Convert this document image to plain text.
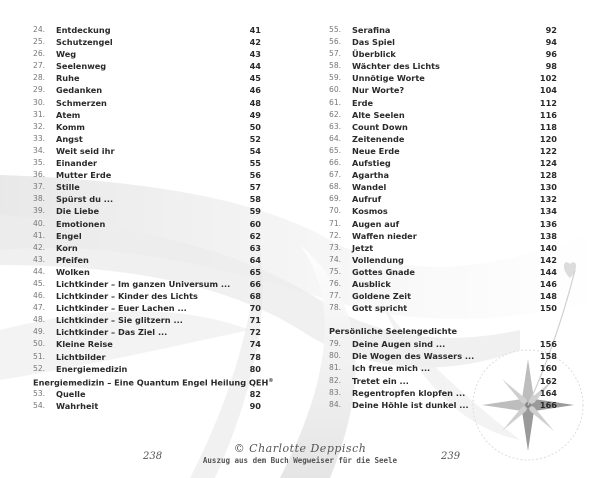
24. Entdeckung	41
25. Schutzengel	42
26. Weg	43
27. Seelenweg	44
28. Ruhe	45
29. Gedanken	46
30. Schmerzen	48
31. Atem	49
32. Komm	50
33. Angst	52
34. Weit seid ihr	54
35. Einander	55
36. Mutter Erde	56
37. Stille	57
38. Spürst du ...	58
39. Die Liebe	59
40. Emotionen	60
41. Engel	62
42. Korn	63
43. Pfeifen	64
44. Wolken	65
45. Lichtkinder – Im ganzen Universum ... 66
46. Lichtkinder – Kinder des Lichts	68
47. Lichtkinder – Euer Lachen ...	70
48. Lichtkinder – Sie glitzern ...	71
49. Lichtkinder – Das Ziel ...	72
50. Kleine Reise	74
51. Lichtbilder	78
52. Energiemedizin	80
Energiemedizin – Eine Quantum Engel Heilung QEH®
53. Quelle	82
54. Wahrheit	90
55. Serafina	92
56. Das Spiel	94
57. Überblick	96
58. Wächter des Lichts	98
59. Unnötige Worte	102
60. Nur Worte?	104
61. Erde	112
62. Alte Seelen	116
63. Count Down	118
64. Zeitenende	120
65. Neue Erde	122
66. Aufstieg	124
67. Agartha	128
68. Wandel	130
69. Aufruf	132
70. Kosmos	134
71. Augen auf	136
72. Waffen nieder	138
73. Jetzt	140
74. Vollendung	142
75. Gottes Gnade	144
76. Ausblick	146
77. Goldene Zeit	148
78. Gott spricht	150
Persönliche Seelengedichte
79. Deine Augen sind ...	156
80. Die Wogen des Wassers ...	158
81. Ich freue mich ...	160
82. Tretet ein ...	162
83. Regentropfen klopfen ...	164
84. Deine Höhle ist dunkel ...	166
© Charlotte Deppisch
Auszug aus dem Buch Wegweiser für die Seele
238	239
